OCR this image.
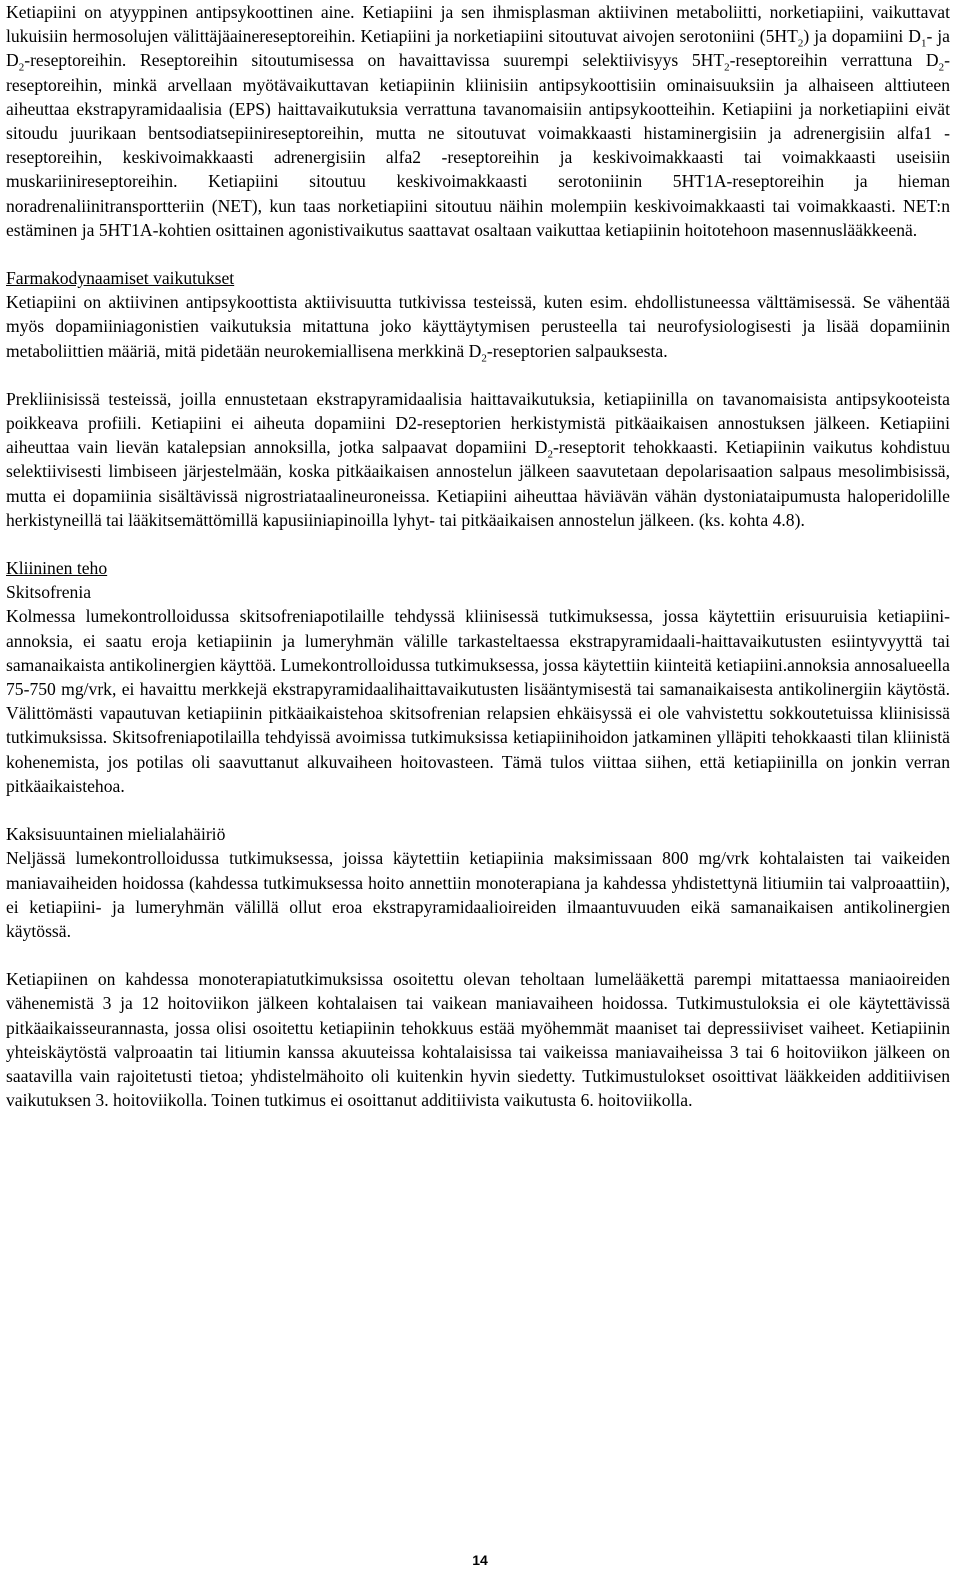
Ketiapiini on atyyppinen antipsykoottinen aine. Ketiapiini ja sen ihmisplasman aktiivinen metaboliitti, norketiapiini, vaikuttavat lukuisiin hermosolujen välittäjäainereseptoreihin. Ketiapiini ja norketiapiini sitoutuvat aivojen serotoniini $(5HT_2)$ ja dopamiini $D_1-$ ja $D_2$-reseptoreihin. Reseptoreihin sitoutumisessa on havaittavissa suurempi selektiivisyys $5HT_2$-reseptoreihin verrattuna $D_2$-reseptoreihin, minkä arvellaan myötävaikuttavan ketiapiinin kliinisiin antipsykoottisiin ominaisuuksiin ja alhaiseen alttiuteen aiheuttaa ekstrapyramidaalisia (EPS) haittavaikutuksia verrattuna tavanomaisiin antipsykootteihin. Ketiapiini ja norketiapiini eivät sitoudu juurikaan bentsodiatsepiinireseptoreihin, mutta ne sitoutuvat voimakkaasti histaminergisiin ja adrenergisiin alfa1 -reseptoreihin, keskivoimakkaasti adrenergisiin alfa2 -reseptoreihin ja keskivoimakkaasti tai voimakkaasti useisiin muskariinireseptoreihin. Ketiapiini sitoutuu keskivoimakkaasti serotoniinin 5HT1A-reseptoreihin ja hieman noradrenaliinitransportteriin (NET), kun taas norketiapiini sitoutuu näihin molempiin keskivoimakkaasti tai voimakkaasti. NET:n estäminen ja 5HT1A-kohtien osittainen agonistivaikutus saattavat osaltaan vaikuttaa ketiapiinin hoitotehoon masennuslääkkeenä.

Farmakodynaamiset vaikutukset

Ketiapiini on aktiivinen antipsykoottista aktiivisuutta tutkivissa testeissä, kuten esim. ehdollistuneessa välttämisessä. Se vähentää myös dopamiiniagonistien vaikutuksia mitattuna joko käyttäytymisen perusteella tai neurofysiologisesti ja lisää dopamiinin metaboliittien määriä, mitä pidetään neurokemiallisena merkkinä $D_2$-reseptorien salpauksesta.

Prekliinisissä testeissä, joilla ennustetaan ekstrapyramidaalisia haittavaikutuksia, ketiapiinilla on tavanomaisista antipsykooteista poikkeava profiili. Ketiapiini ei aiheuta dopamiini D2-reseptorien herkistymistä pitkäaikaisen annostuksen jälkeen. Ketiapiini aiheuttaa vain lievän katalepsian annoksilla, jotka salpaavat dopamiini $D_2$-reseptorit tehokkaasti. Ketiapiinin vaikutus kohdistuu selektiivisesti limbiseen järjestelmään, koska pitkäaikaisen annostelun jälkeen saavutetaan depolarisaation salpaus mesolimbisissä, mutta ei dopamiinia sisältävissä nigrostriataalineuroneissa. Ketiapiini aiheuttaa häviävän vähän dystoniataipumusta haloperidolille herkistyneillä tai lääkitsemättömillä kapusiiniapinoilla lyhyt- tai pitkäaikaisen annostelun jälkeen. (ks. kohta 4.8).

Kliininen teho

Skitsofrenia

Kolmessa lumekontrolloidussa skitsofreniapotilaille tehdyssä kliinisessä tutkimuksessa, jossa käytettiin erisuuruisia ketiapiini-annoksia, ei saatu eroja ketiapiinin ja lumeryhmän välille tarkasteltaessa ekstrapyramidaali-haittavaikutusten esiintyvyyttä tai samanaikaista antikolinergien käyttöä. Lumekontrolloidussa tutkimuksessa, jossa käytettiin kiinteitä ketiapiini.annoksia annosalueella 75-750 mg/vrk, ei havaittu merkkejä ekstrapyramidaalihaittavaikutusten lisääntymisestä tai samanaikaisesta antikolinergiin käytöstä. Välittömästi vapautuvan ketiapiinin pitkäaikaistehoa skitsofrenian relapsien ehkäisyssä ei ole vahvistettu sokkoutetuissa kliinisissä tutkimuksissa. Skitsofreniapotilailla tehdyissä avoimissa tutkimuksissa ketiapiinihoidon jatkaminen ylläpiti tehokkaasti tilan kliinistä kohenemista, jos potilas oli saavuttanut alkuvaiheen hoitovasteen. Tämä tulos viittaa siihen, että ketiapiinilla on jonkin verran pitkäaikaistehoa.

Kaksisuuntainen mielialahäiriö

Neljässä lumekontrolloidussa tutkimuksessa, joissa käytettiin ketiapiinia maksimissaan 800 mg/vrk kohtalaisten tai vaikeiden maniavaiheiden hoidossa (kahdessa tutkimuksessa hoito annettiin monoterapiana ja kahdessa yhdistettynä litiumiin tai valproaattiin), ei ketiapiini- ja lumeryhmän välillä ollut eroa ekstrapyramidaalioireiden ilmaantuvuuden eikä samanaikaisen antikolinergien käytössä.

Ketiapiinen on kahdessa monoterapiatutkimuksissa osoitettu olevan teholtaan lumelääkettä parempi mitattaessa maniaoireiden vähenemistä 3 ja 12 hoitoviikon jälkeen kohtalaisen tai vaikean maniavaiheen hoidossa. Tutkimustuloksia ei ole käytettävissä pitkäaikaisseurannasta, jossa olisi osoitettu ketiapiinin tehokkuus estää myöhemmät maaniset tai depressiiviset vaiheet. Ketiapiinin yhteiskäytöstä valproaatin tai litiumin kanssa akuuteissa kohtalaisissa tai vaikeissa maniavaiheissa 3 tai 6 hoitoviikon jälkeen on saatavilla vain rajoitetusti tietoa; yhdistelmähoito oli kuitenkin hyvin siedetty. Tutkimustulokset osoittivat lääkkeiden additiivisen vaikutuksen 3. hoitoviikolla. Toinen tutkimus ei osoittanut additiivista vaikutusta 6. hoitoviikolla.

14
